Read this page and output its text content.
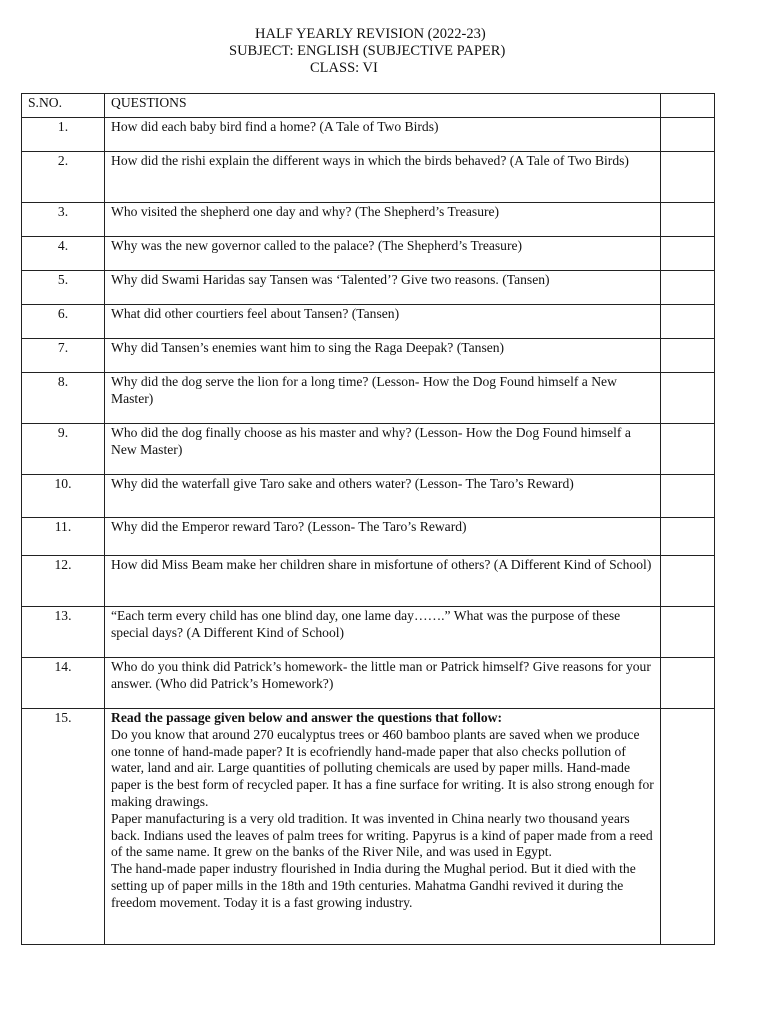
HALF YEARLY REVISION (2022-23)
SUBJECT: ENGLISH (SUBJECTIVE PAPER)
CLASS: VI
S.NO.	QUESTIONS	
1.	How did each baby bird find a home? (A Tale of Two Birds)	
2.	How did the rishi explain the different ways in which the birds behaved? (A Tale of Two Birds)	
3.	Who visited the shepherd one day and why? (The Shepherd’s Treasure)	
4.	Why was the new governor called to the palace? (The Shepherd’s Treasure)	
5.	Why did Swami Haridas say Tansen was ‘Talented’? Give two reasons. (Tansen)	
6.	What did other courtiers feel about Tansen? (Tansen)	
7.	Why did Tansen’s enemies want him to sing the Raga Deepak? (Tansen)	
8.	Why did the dog serve the lion for a long time? (Lesson- How the Dog Found himself a New Master)	
9.	Who did the dog finally choose as his master and why? (Lesson- How the Dog Found himself a New Master)	
10.	Why did the waterfall give Taro sake and others water? (Lesson- The Taro’s Reward)	
11.	Why did the Emperor reward Taro? (Lesson- The Taro’s Reward)	
12.	How did Miss Beam make her children share in misfortune of others? (A Different Kind of School)	
13.	“Each term every child has one blind day, one lame day…….” What was the purpose of these special days? (A Different Kind of School)	
14.	Who do you think did Patrick’s homework- the little man or Patrick himself? Give reasons for your answer. (Who did Patrick’s Homework?)	
15.	Read the passage given below and answer the questions that follow:
Do you know that around 270 eucalyptus trees or 460 bamboo plants are saved when we produce one tonne of hand-made paper? It is ecofriendly hand-made paper that also checks pollution of water, land and air. Large quantities of polluting chemicals are used by paper mills. Hand-made paper is the best form of recycled paper. It has a fine surface for writing. It is also strong enough for making drawings.
Paper manufacturing is a very old tradition. It was invented in China nearly two thousand years back. Indians used the leaves of palm trees for writing. Papyrus is a kind of paper made from a reed of the same name. It grew on the banks of the River Nile, and was used in Egypt.
The hand-made paper industry flourished in India during the Mughal period. But it died with the setting up of paper mills in the 18th and 19th centuries. Mahatma Gandhi revived it during the freedom movement. Today it is a fast growing industry.	
